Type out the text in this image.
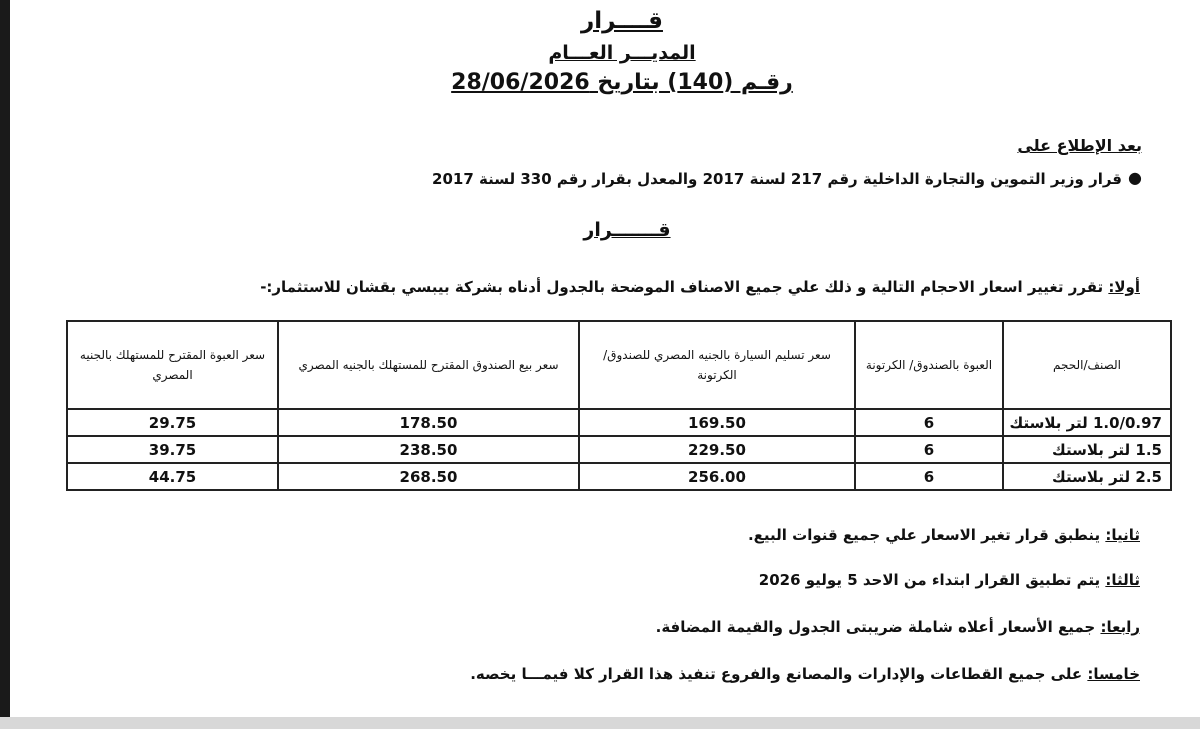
قــــرار
المديـــر العـــام
رقـم (140) بتاريخ 28/06/2026
بعد الإطلاع على
●
قرار وزير التموين والتجارة الداخلية رقم 217 لسنة 2017 والمعدل بقرار رقم 330 لسنة 2017
قـــــــرار
أولا: تقرر تغيير اسعار الاحجام التالية و ذلك علي جميع الاصناف الموضحة بالجدول أدناه بشركة بيبسي بقشان للاستثمار:-
الصنف/الحجم	العبوة بالصندوق/ الكرتونة	سعر تسليم السيارة بالجنيه المصري للصندوق/الكرتونة	سعر بيع الصندوق المقترح للمستهلك بالجنيه المصري	سعر العبوة المقترح للمستهلك بالجنيه المصري
1.0/0.97 لتر بلاستك	6	169.50	178.50	29.75
1.5 لتر بلاستك	6	229.50	238.50	39.75
2.5 لتر بلاستك	6	256.00	268.50	44.75
ثانيا: ينطبق قرار تغير الاسعار علي جميع قنوات البيع.
ثالثا: يتم تطبيق القرار ابتداء من الاحد 5 يوليو 2026
رابعا: جميع الأسعار أعلاه شاملة ضريبتى الجدول والقيمة المضافة.
خامسا: على جميع القطاعات والإدارات والمصانع والفروع تنفيذ هذا القرار كلا فيمـــا يخصه.
